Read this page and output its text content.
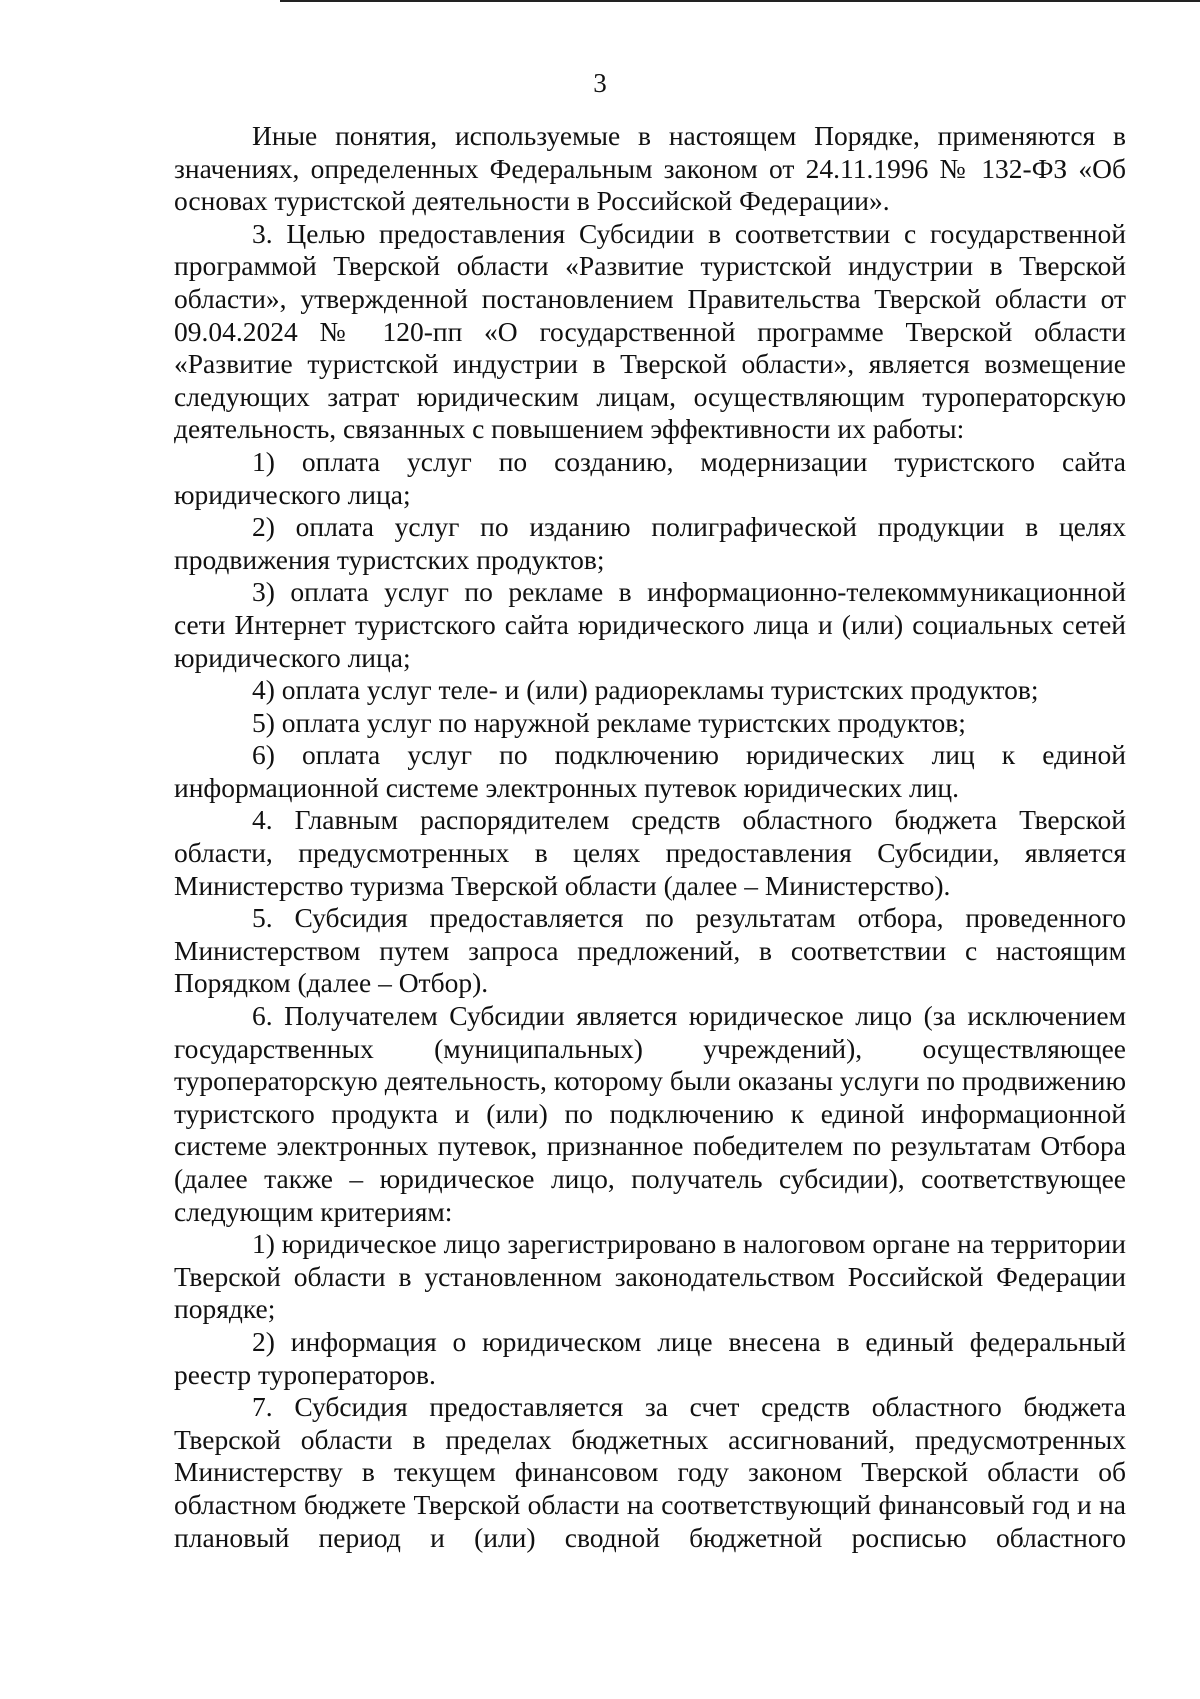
3

Иные понятия, используемые в настоящем Порядке, применяются в значениях, определенных Федеральным законом от 24.11.1996 № 132-ФЗ «Об основах туристской деятельности в Российской Федерации».

3. Целью предоставления Субсидии в соответствии с государственной программой Тверской области «Развитие туристской индустрии в Тверской области», утвержденной постановлением Правительства Тверской области от 09.04.2024 № 120-пп «О государственной программе Тверской области «Развитие туристской индустрии в Тверской области», является возмещение следующих затрат юридическим лицам, осуществляющим туроператорскую деятельность, связанных с повышением эффективности их работы:

1) оплата услуг по созданию, модернизации туристского сайта юридического лица;

2) оплата услуг по изданию полиграфической продукции в целях продвижения туристских продуктов;

3) оплата услуг по рекламе в информационно-телекоммуникационной сети Интернет туристского сайта юридического лица и (или) социальных сетей юридического лица;

4) оплата услуг теле- и (или) радиорекламы туристских продуктов;

5) оплата услуг по наружной рекламе туристских продуктов;

6) оплата услуг по подключению юридических лиц к единой информационной системе электронных путевок юридических лиц.

4. Главным распорядителем средств областного бюджета Тверской области, предусмотренных в целях предоставления Субсидии, является Министерство туризма Тверской области (далее – Министерство).

5. Субсидия предоставляется по результатам отбора, проведенного Министерством путем запроса предложений, в соответствии с настоящим Порядком (далее – Отбор).

6. Получателем Субсидии является юридическое лицо (за исключением государственных (муниципальных) учреждений), осуществляющее туроператорскую деятельность, которому были оказаны услуги по продвижению туристского продукта и (или) по подключению к единой информационной системе электронных путевок, признанное победителем по результатам Отбора (далее также – юридическое лицо, получатель субсидии), соответствующее следующим критериям:

1) юридическое лицо зарегистрировано в налоговом органе на территории Тверской области в установленном законодательством Российской Федерации порядке;

2) информация о юридическом лице внесена в единый федеральный реестр туроператоров.

7. Субсидия предоставляется за счет средств областного бюджета Тверской области в пределах бюджетных ассигнований, предусмотренных Министерству в текущем финансовом году законом Тверской области об областном бюджете Тверской области на соответствующий финансовый год и на плановый период и (или) сводной бюджетной росписью областного
